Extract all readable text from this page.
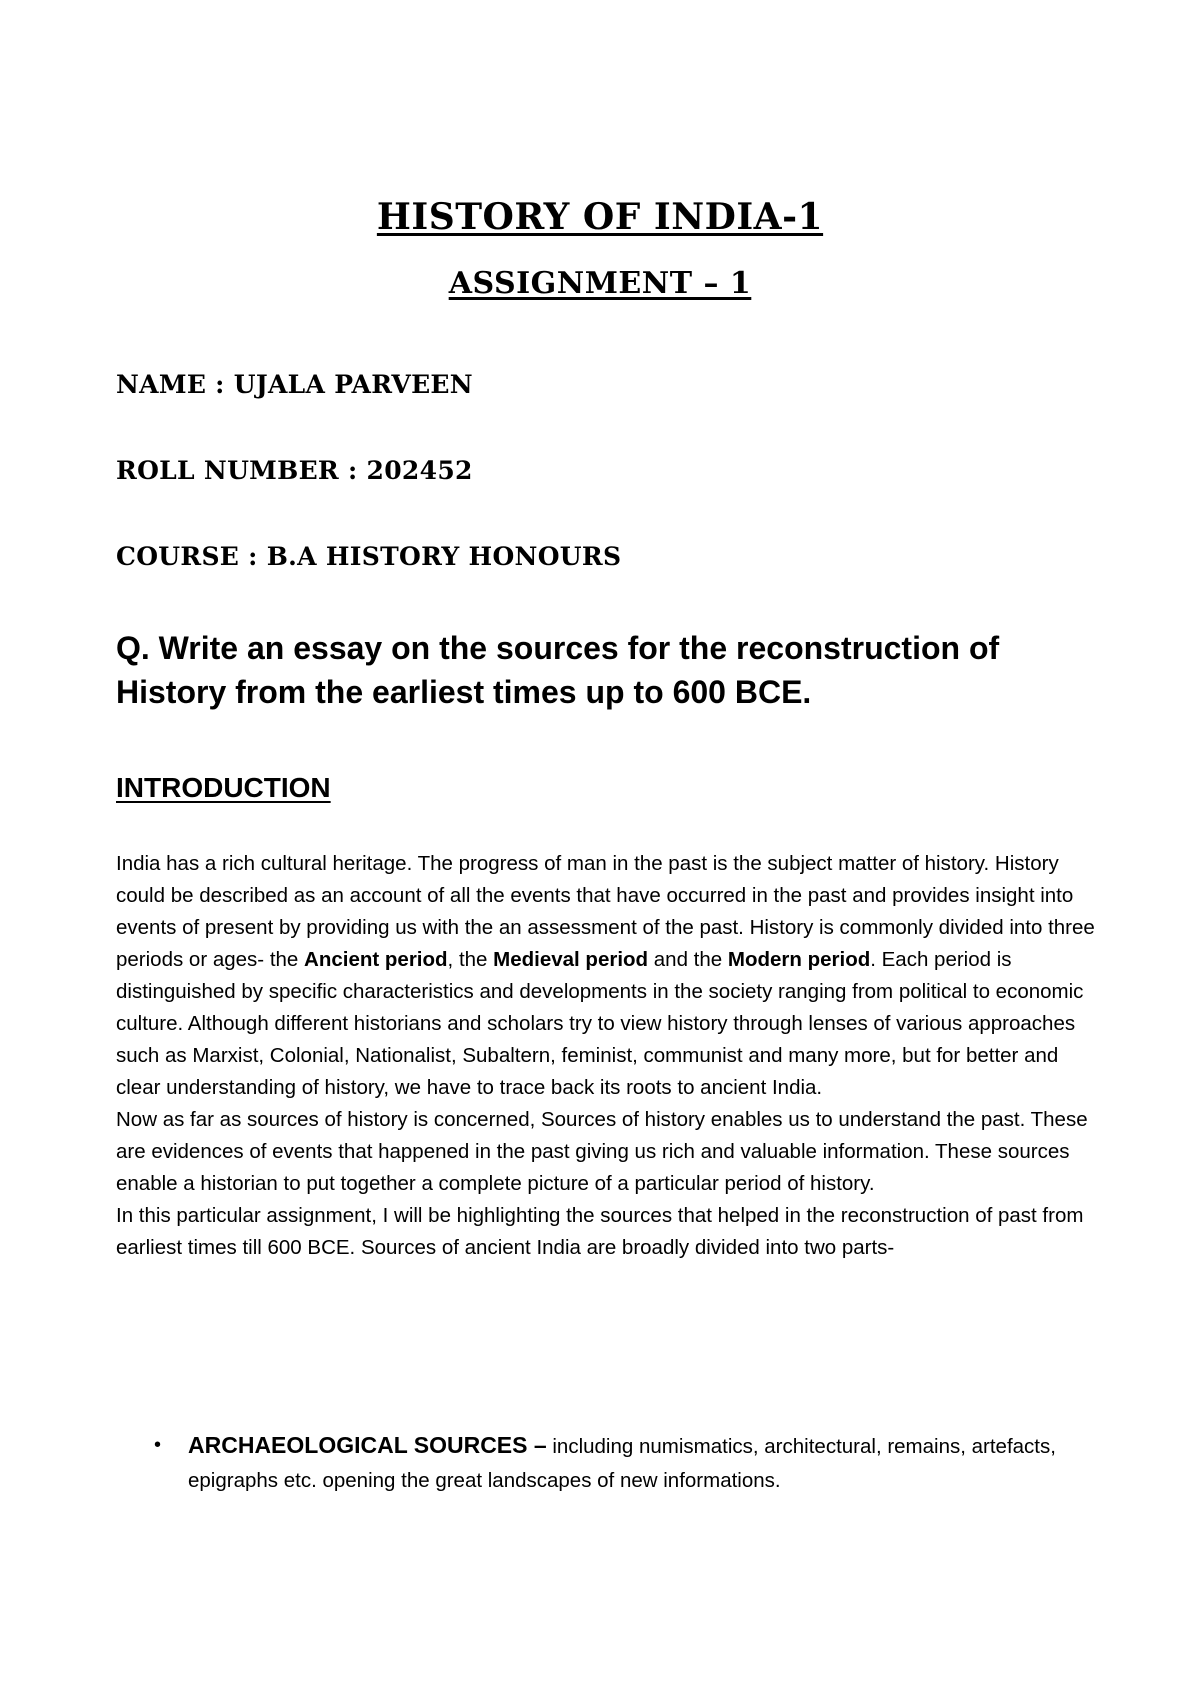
HISTORY OF INDIA-1
ASSIGNMENT – 1
NAME : UJALA PARVEEN
ROLL NUMBER : 202452
COURSE : B.A HISTORY HONOURS
Q. Write an essay on the sources for the reconstruction of History from the earliest times up to 600 BCE.
INTRODUCTION

India has a rich cultural heritage. The progress of man in the past is the subject matter of history. History could be described as an account of all the events that have occurred in the past and provides insight into events of present by providing us with the an assessment of the past. History is commonly divided into three periods or ages- the Ancient period, the Medieval period and the Modern period. Each period is distinguished by specific characteristics and developments in the society ranging from political to economic culture. Although different historians and scholars try to view history through lenses of various approaches such as Marxist, Colonial, Nationalist, Subaltern, feminist, communist and many more, but for better and clear understanding of history, we have to trace back its roots to ancient India.

Now as far as sources of history is concerned, Sources of history enables us to understand the past. These are evidences of events that happened in the past giving us rich and valuable information. These sources enable a historian to put together a complete picture of a particular period of history.

In this particular assignment, I will be highlighting the sources that helped in the reconstruction of past from earliest times till 600 BCE. Sources of ancient India are broadly divided into two parts-

• ARCHAEOLOGICAL SOURCES – including numismatics, architectural, remains, artefacts, epigraphs etc. opening the great landscapes of new informations.
